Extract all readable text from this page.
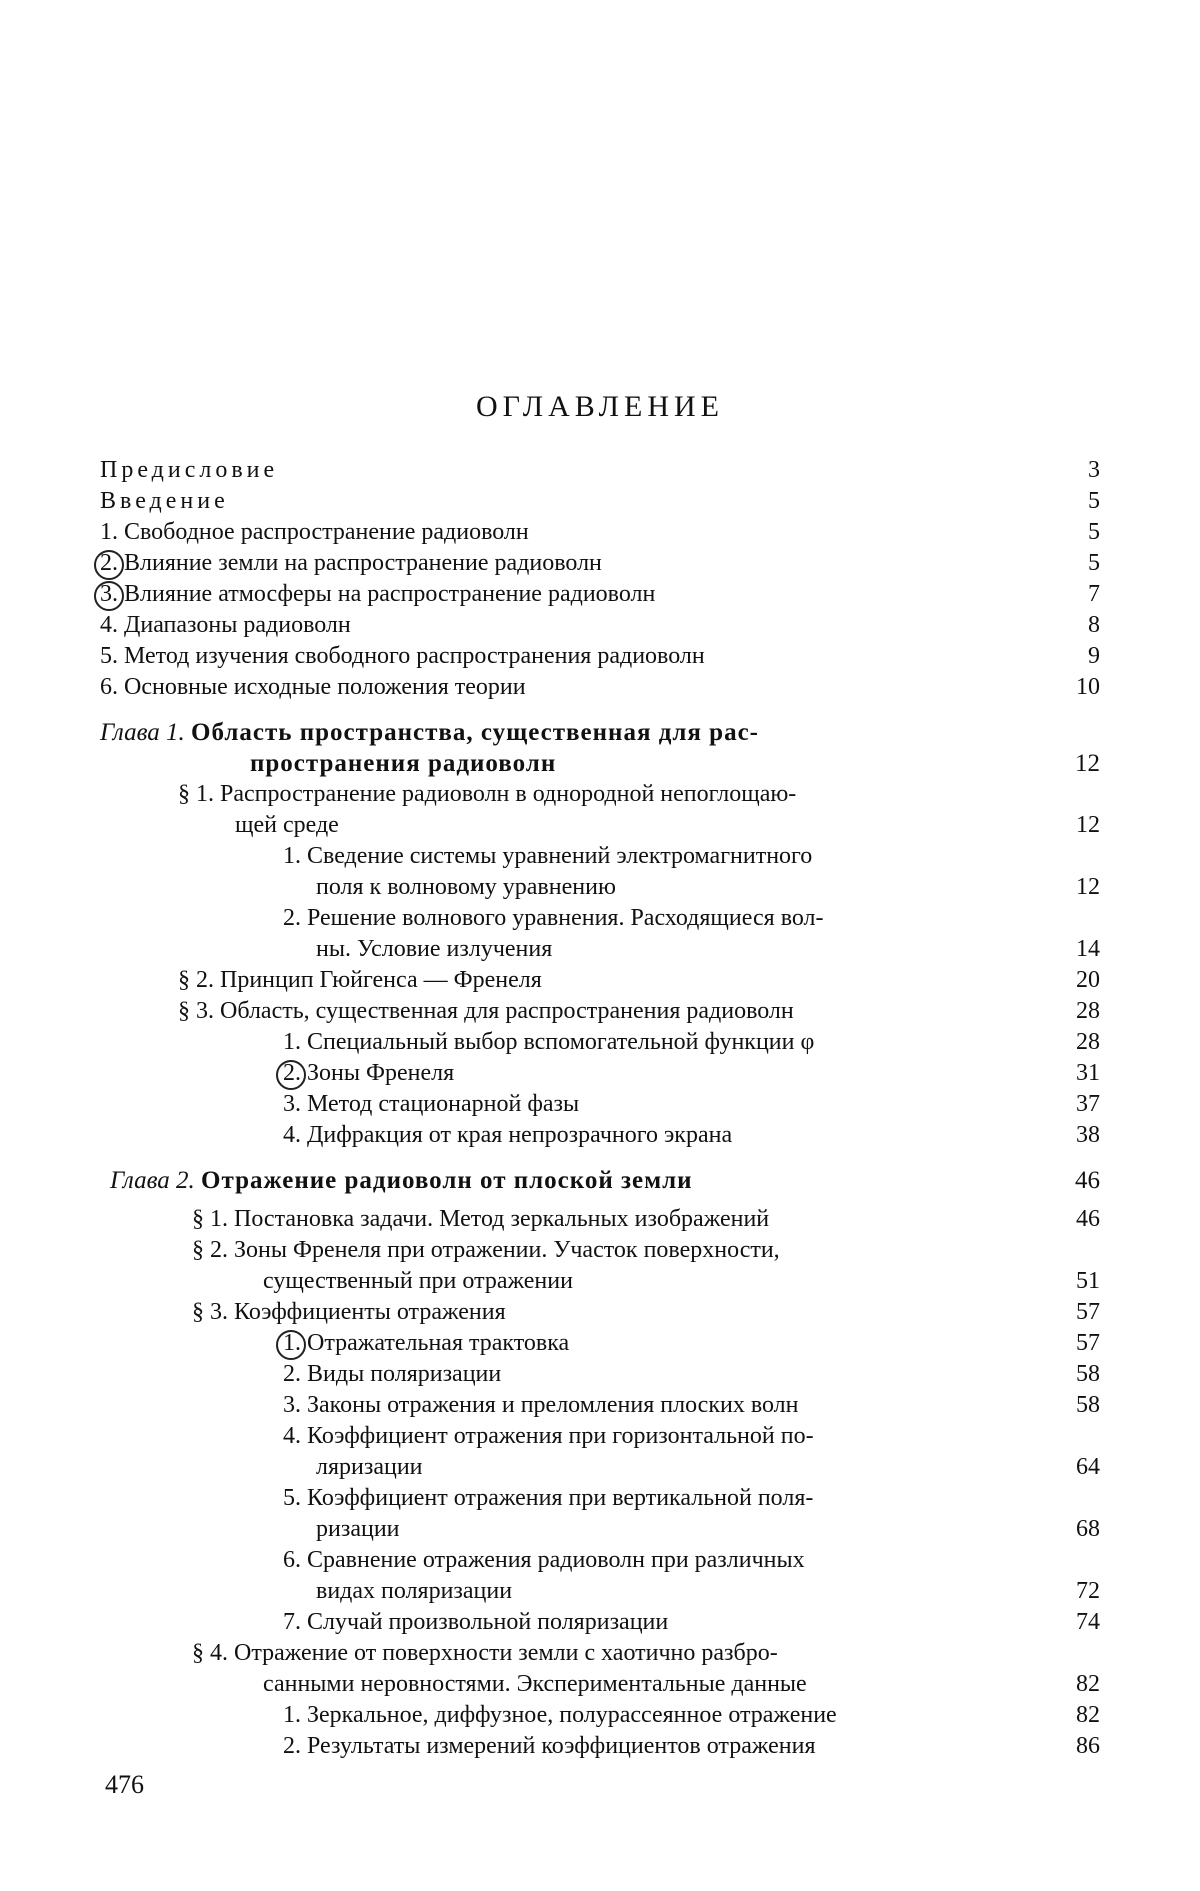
ОГЛАВЛЕНИЕ
Предисловие	3
Введение	5
1. Свободное распространение радиоволн	5
2. Влияние земли на распространение радиоволн	5
3. Влияние атмосферы на распространение радиоволн	7
4. Диапазоны радиоволн	8
5. Метод изучения свободного распространения радиоволн	9
6. Основные исходные положения теории	10
Глава 1. Область пространства, существенная для рас-
пространения радиоволн	12
§ 1. Распространение радиоволн в однородной непоглощаю-
щей среде	12
1. Сведение системы уравнений электромагнитного
поля к волновому уравнению	12
2. Решение волнового уравнения. Расходящиеся вол-
ны. Условие излучения	14
§ 2. Принцип Гюйгенса — Френеля	20
§ 3. Область, существенная для распространения радиоволн	28
1. Специальный выбор вспомогательной функции φ	28
2. Зоны Френеля	31
3. Метод стационарной фазы	37
4. Дифракция от края непрозрачного экрана	38
Глава 2. Отражение радиоволн от плоской земли	46
§ 1. Постановка задачи. Метод зеркальных изображений	46
§ 2. Зоны Френеля при отражении. Участок поверхности,
существенный при отражении	51
§ 3. Коэффициенты отражения	57
1. Отражательная трактовка	57
2. Виды поляризации	58
3. Законы отражения и преломления плоских волн	58
4. Коэффициент отражения при горизонтальной по-
ляризации	64
5. Коэффициент отражения при вертикальной поля-
ризации	68
6. Сравнение отражения радиоволн при различных
видах поляризации	72
7. Случай произвольной поляризации	74
§ 4. Отражение от поверхности земли с хаотично разбро-
санными неровностями. Экспериментальные данные	82
1. Зеркальное, диффузное, полурассеянное отражение	82
2. Результаты измерений коэффициентов отражения	86
476
